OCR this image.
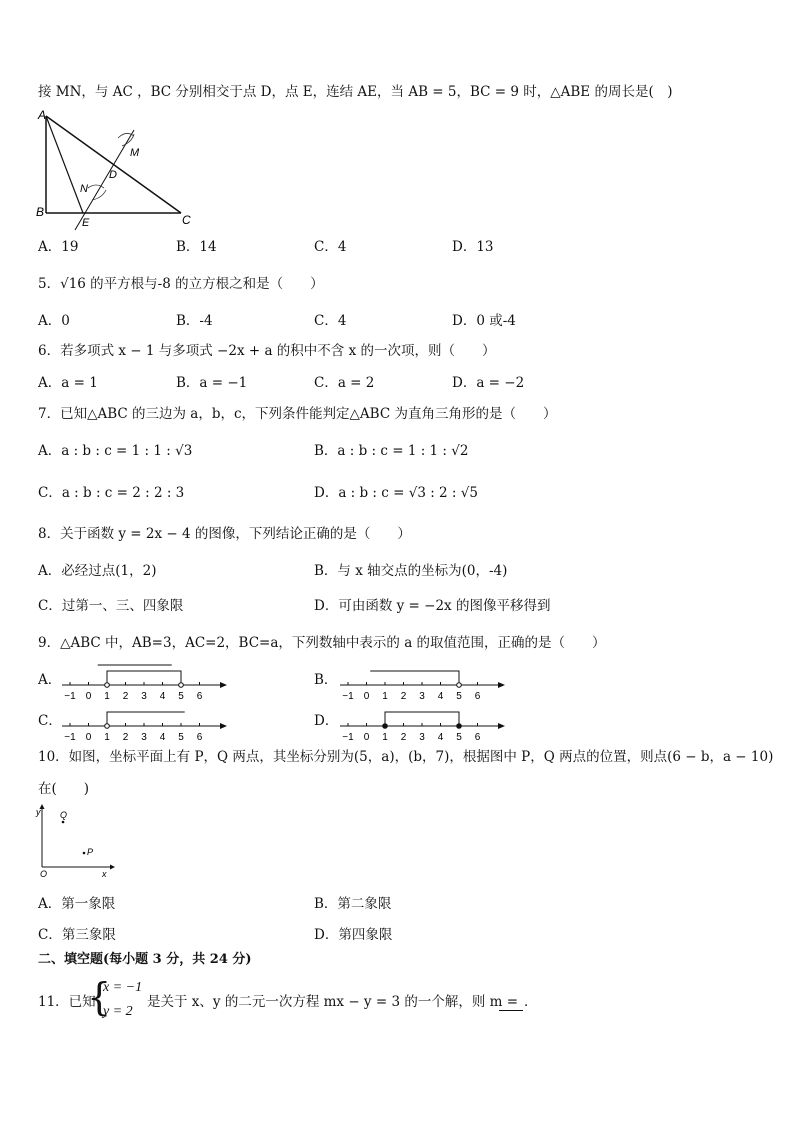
接 MN，与 AC ，BC 分别相交于点 D，点 E，连结 AE，当 AB = 5，BC = 9 时，△ABE 的周长是(　)
A
B
C
M
N
D
E
A．19	B．14	C．4	D．13
5．√16 的平方根与-8 的立方根之和是（　　）
A．0	B．-4	C．4	D．0 或-4
6．若多项式 x − 1 与多项式 −2x + a 的积中不含 x 的一次项，则（　　）
A．a = 1	B．a = −1	C．a = 2	D．a = −2
7．已知△ABC 的三边为 a，b，c，下列条件能判定△ABC 为直角三角形的是（　　）
A．a : b : c = 1 : 1 : √3	B．a : b : c = 1 : 1 : √2
C．a : b : c = 2 : 2 : 3	D．a : b : c = √3 : 2 : √5
8．关于函数 y = 2x − 4 的图像，下列结论正确的是（　　）
A．必经过点(1，2)	B．与 x 轴交点的坐标为(0，-4)
C．过第一、三、四象限	D．可由函数 y = −2x 的图像平移得到
9．△ABC 中，AB=3，AC=2，BC=a，下列数轴中表示的 a 的取值范围，正确的是（　　）
A．
−1 0 1 2 3 4 5 6
B．
−1 0 1 2 3 4 5 6
C．
−1 0 1 2 3 4 5 6
D．
−1 0 1 2 3 4 5 6
10．如图，坐标平面上有 P，Q 两点，其坐标分别为(5，a)，(b，7)，根据图中 P，Q 两点的位置，则点(6 − b，a − 10)
在(　　)
y Q
P
O	x
A．第一象限	B．第二象限
C．第三象限	D．第四象限
二、填空题(每小题 3 分，共 24 分)
11．已知
{
x = −1
y = 2
是关于 x、y 的二元一次方程 mx − y = 3 的一个解，则 m = ．
